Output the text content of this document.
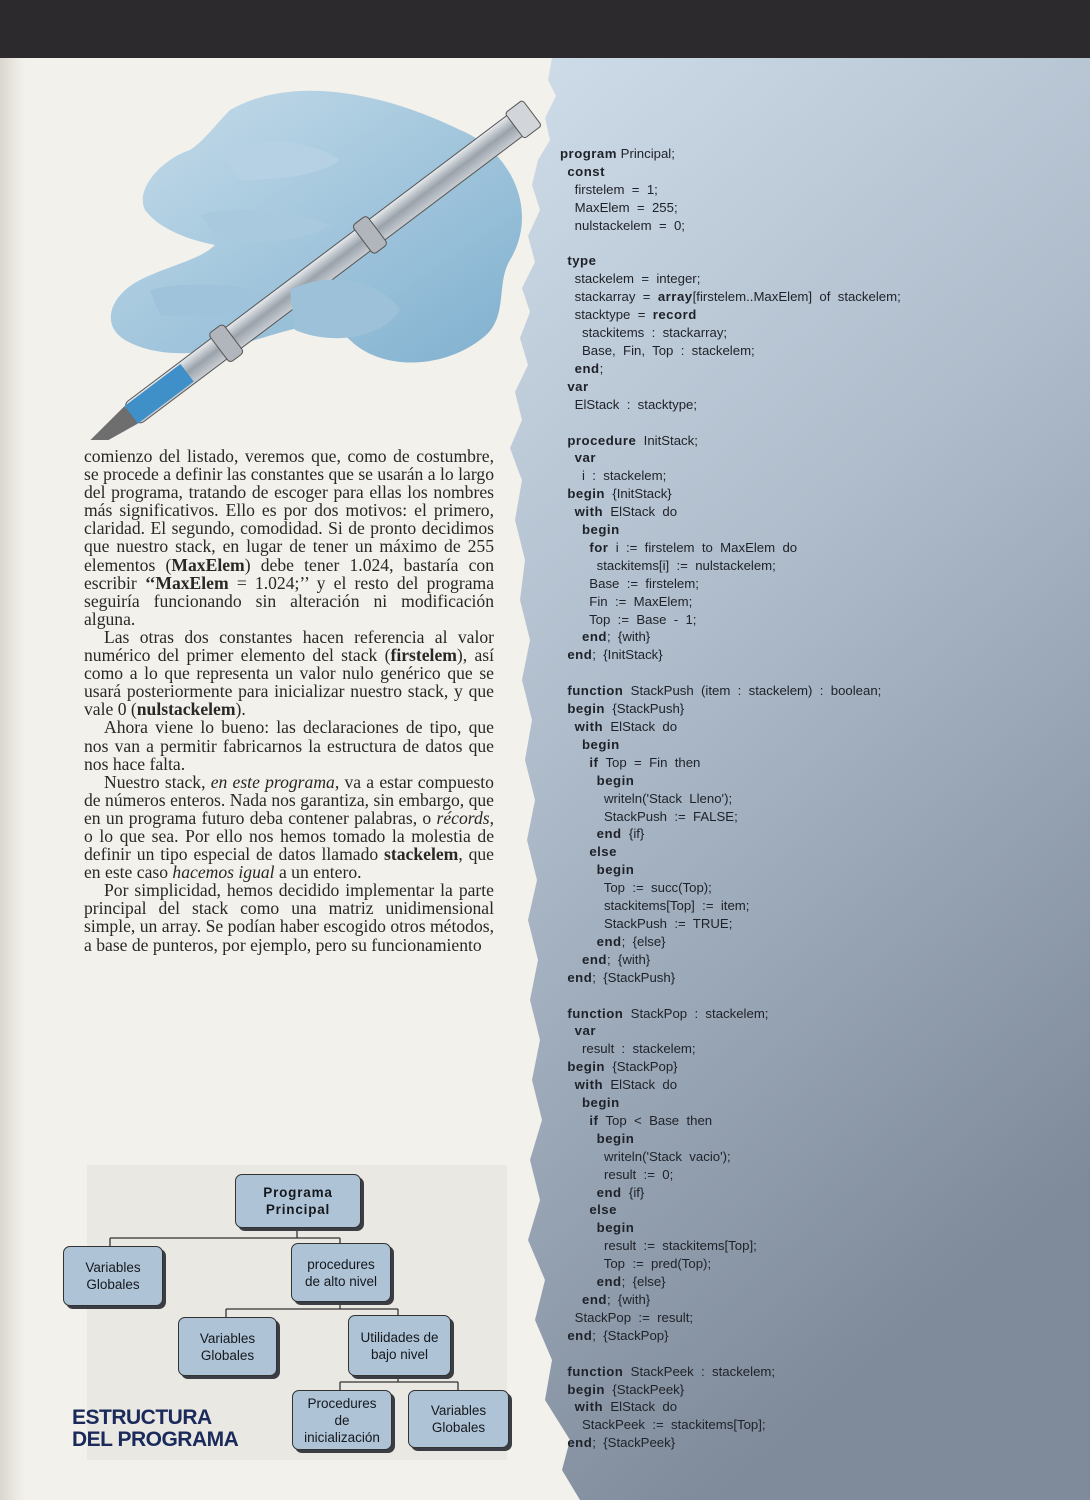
comienzo del listado, veremos que, como de costumbre, se procede a definir las constantes que se usarán a lo largo del programa, tratando de escoger para ellas los nombres más significativos. Ello es por dos motivos: el primero, claridad. El segundo, comodidad. Si de pronto decidimos que nuestro stack, en lugar de tener un máximo de 255 elementos (MaxElem) debe tener 1.024, bastaría con escribir ‘‘MaxElem = 1.024;’’ y el resto del programa seguiría funcionando sin alteración ni modificación alguna.

Las otras dos constantes hacen referencia al valor numérico del primer elemento del stack (firstelem), así como a lo que representa un valor nulo genérico que se usará posteriormente para inicializar nuestro stack, y que vale 0 (nulstackelem).

Ahora viene lo bueno: las declaraciones de tipo, que nos van a permitir fabricarnos la estructura de datos que nos hace falta.

Nuestro stack, en este programa, va a estar compuesto de números enteros. Nada nos garantiza, sin embargo, que en un programa futuro deba contener palabras, o récords, o lo que sea. Por ello nos hemos tomado la molestia de definir un tipo especial de datos llamado stackelem, que en este caso hacemos igual a un entero.

Por simplicidad, hemos decidido implementar la parte principal del stack como una matriz unidimensional simple, un array. Se podían haber escogido otros métodos, a base de punteros, por ejemplo, pero su funcionamiento

program Principal;
const
firstelem  =  1;
MaxElem  =  255;
nulstackelem  =  0;

type
stackelem  =  integer;
stackarray  =  array[firstelem..MaxElem]  of  stackelem;
stacktype  =  record
stackitems  :  stackarray;
Base,  Fin,  Top  :  stackelem;
end;
var
ElStack  :  stacktype;

procedure  InitStack;
var
i  :  stackelem;
begin  {InitStack}
with  ElStack  do
begin
for  i  :=  firstelem  to  MaxElem  do
stackitems[i]  :=  nulstackelem;
Base  :=  firstelem;
Fin  :=  MaxElem;
Top  :=  Base  -  1;
end;  {with}
end;  {InitStack}

function  StackPush  (item  :  stackelem)  :  boolean;
begin  {StackPush}
with  ElStack  do
begin
if  Top  =  Fin  then
begin
writeln('Stack  Lleno');
StackPush  :=  FALSE;
end  {if}
else
begin
Top  :=  succ(Top);
stackitems[Top]  :=  item;
StackPush  :=  TRUE;
end;  {else}
end;  {with}
end;  {StackPush}

function  StackPop  :  stackelem;
var
result  :  stackelem;
begin  {StackPop}
with  ElStack  do
begin
if  Top  <  Base  then
begin
writeln('Stack  vacio');
result  :=  0;
end  {if}
else
begin
result  :=  stackitems[Top];
Top  :=  pred(Top);
end;  {else}
end;  {with}
StackPop  :=  result;
end;  {StackPop}

function  StackPeek  :  stackelem;
begin  {StackPeek}
with  ElStack  do
StackPeek  :=  stackitems[Top];
end;  {StackPeek}
Programa
Principal
Variables
Globales
procedures
de alto nivel
Variables
Globales
Utilidades de
bajo nivel
Procedures
de
inicialización
Variables
Globales
ESTRUCTURA
DEL PROGRAMA
